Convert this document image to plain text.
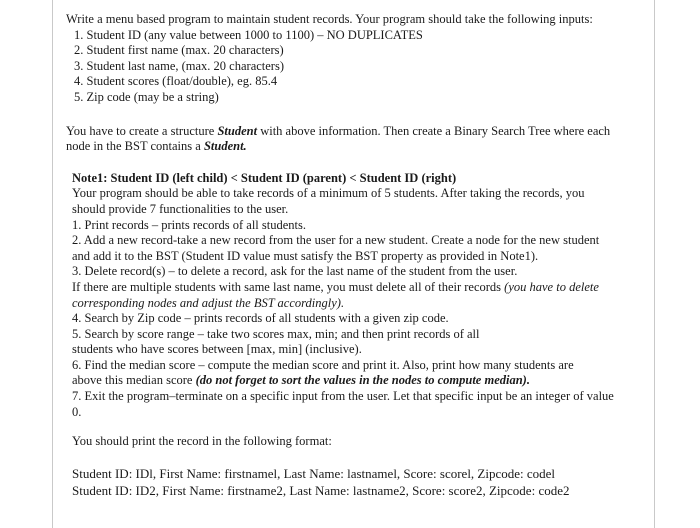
Write a menu based program to maintain student records. Your program should take the following inputs:
1. Student ID (any value between 1000 to 1100) – NO DUPLICATES
2. Student first name (max. 20 characters)
3. Student last name, (max. 20 characters)
4. Student scores (float/double), eg. 85.4
5. Zip code (may be a string)
You have to create a structure Student with above information. Then create a Binary Search Tree where each
node in the BST contains a Student.
Note1: Student ID (left child) < Student ID (parent) < Student ID (right)
Your program should be able to take records of a minimum of 5 students. After taking the records, you
should provide 7 functionalities to the user.
1. Print records – prints records of all students.
2. Add a new record-take a new record from the user for a new student. Create a node for the new student
and add it to the BST (Student ID value must satisfy the BST property as provided in Note1).
3. Delete record(s) – to delete a record, ask for the last name of the student from the user.
If there are multiple students with same last name, you must delete all of their records (you have to delete
corresponding nodes and adjust the BST accordingly).
4. Search by Zip code – prints records of all students with a given zip code.
5. Search by score range – take two scores max, min; and then print records of all
students who have scores between [max, min] (inclusive).
6. Find the median score – compute the median score and print it. Also, print how many students are
above this median score (do not forget to sort the values in the nodes to compute median).
7. Exit the program–terminate on a specific input from the user. Let that specific input be an integer of value
0.
You should print the record in the following format:
Student ID: IDl, First Name: firstnamel, Last Name: lastnamel, Score: scorel, Zipcode: codel
Student ID: ID2, First Name: firstname2, Last Name: lastname2, Score: score2, Zipcode: code2
